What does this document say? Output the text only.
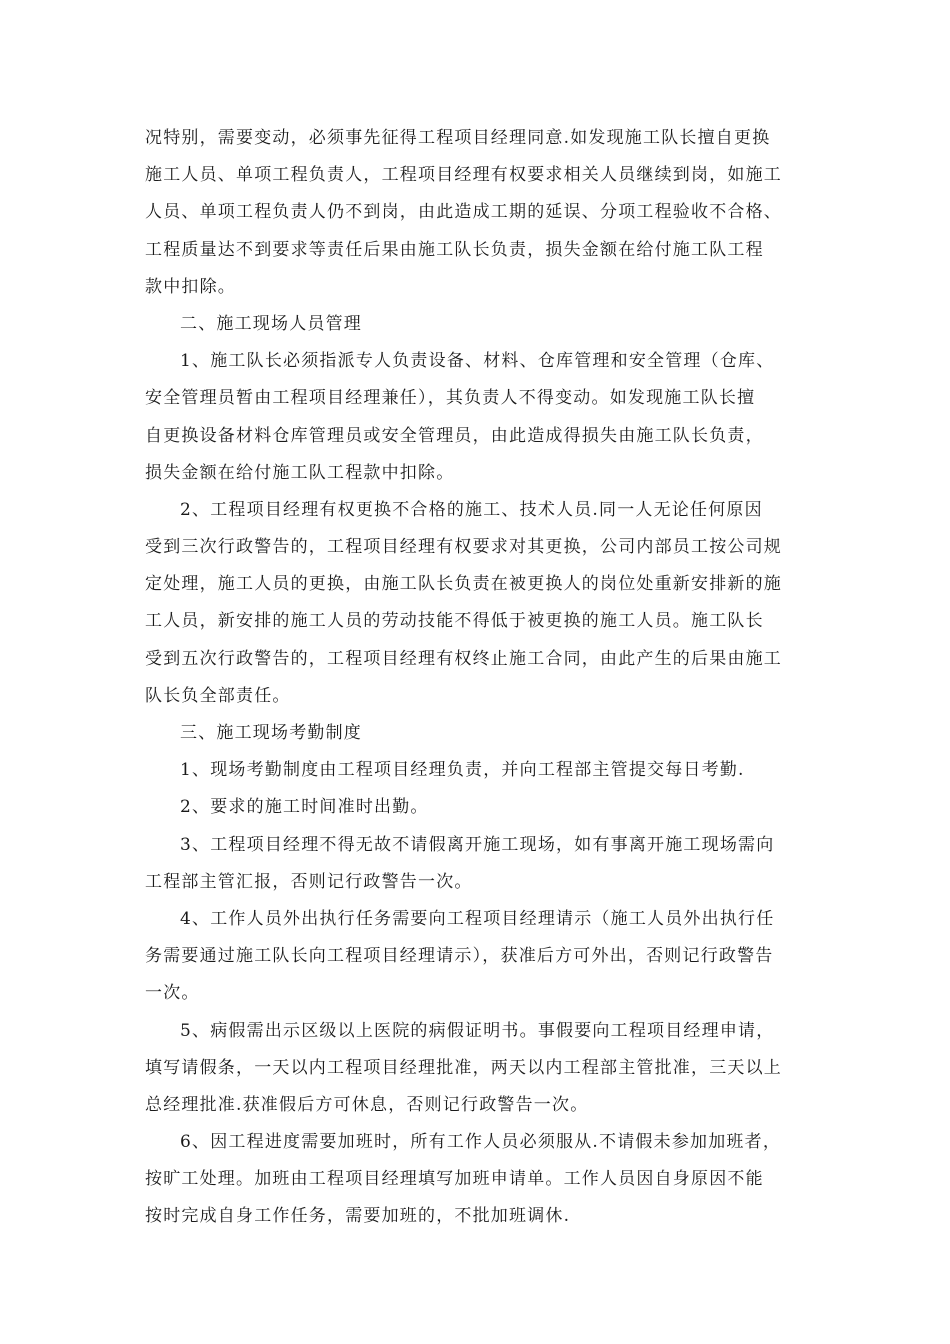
况特别，需要变动，必须事先征得工程项目经理同意.如发现施工队长擅自更换
施工人员、单项工程负责人，工程项目经理有权要求相关人员继续到岗，如施工
人员、单项工程负责人仍不到岗，由此造成工期的延误、分项工程验收不合格、
工程质量达不到要求等责任后果由施工队长负责，损失金额在给付施工队工程
款中扣除。
二、施工现场人员管理
1、施工队长必须指派专人负责设备、材料、仓库管理和安全管理（仓库、
安全管理员暂由工程项目经理兼任），其负责人不得变动。如发现施工队长擅
自更换设备材料仓库管理员或安全管理员，由此造成得损失由施工队长负责，
损失金额在给付施工队工程款中扣除。
2、工程项目经理有权更换不合格的施工、技术人员.同一人无论任何原因
受到三次行政警告的，工程项目经理有权要求对其更换，公司内部员工按公司规
定处理，施工人员的更换，由施工队长负责在被更换人的岗位处重新安排新的施
工人员，新安排的施工人员的劳动技能不得低于被更换的施工人员。施工队长
受到五次行政警告的，工程项目经理有权终止施工合同，由此产生的后果由施工
队长负全部责任。
三、施工现场考勤制度
1、现场考勤制度由工程项目经理负责，并向工程部主管提交每日考勤.
2、要求的施工时间准时出勤。
3、工程项目经理不得无故不请假离开施工现场，如有事离开施工现场需向
工程部主管汇报，否则记行政警告一次。
4、工作人员外出执行任务需要向工程项目经理请示（施工人员外出执行任
务需要通过施工队长向工程项目经理请示），获准后方可外出，否则记行政警告
一次。
5、病假需出示区级以上医院的病假证明书。事假要向工程项目经理申请，
填写请假条，一天以内工程项目经理批准，两天以内工程部主管批准，三天以上
总经理批准.获准假后方可休息，否则记行政警告一次。
6、因工程进度需要加班时，所有工作人员必须服从.不请假未参加加班者，
按旷工处理。加班由工程项目经理填写加班申请单。工作人员因自身原因不能
按时完成自身工作任务，需要加班的，不批加班调休.
